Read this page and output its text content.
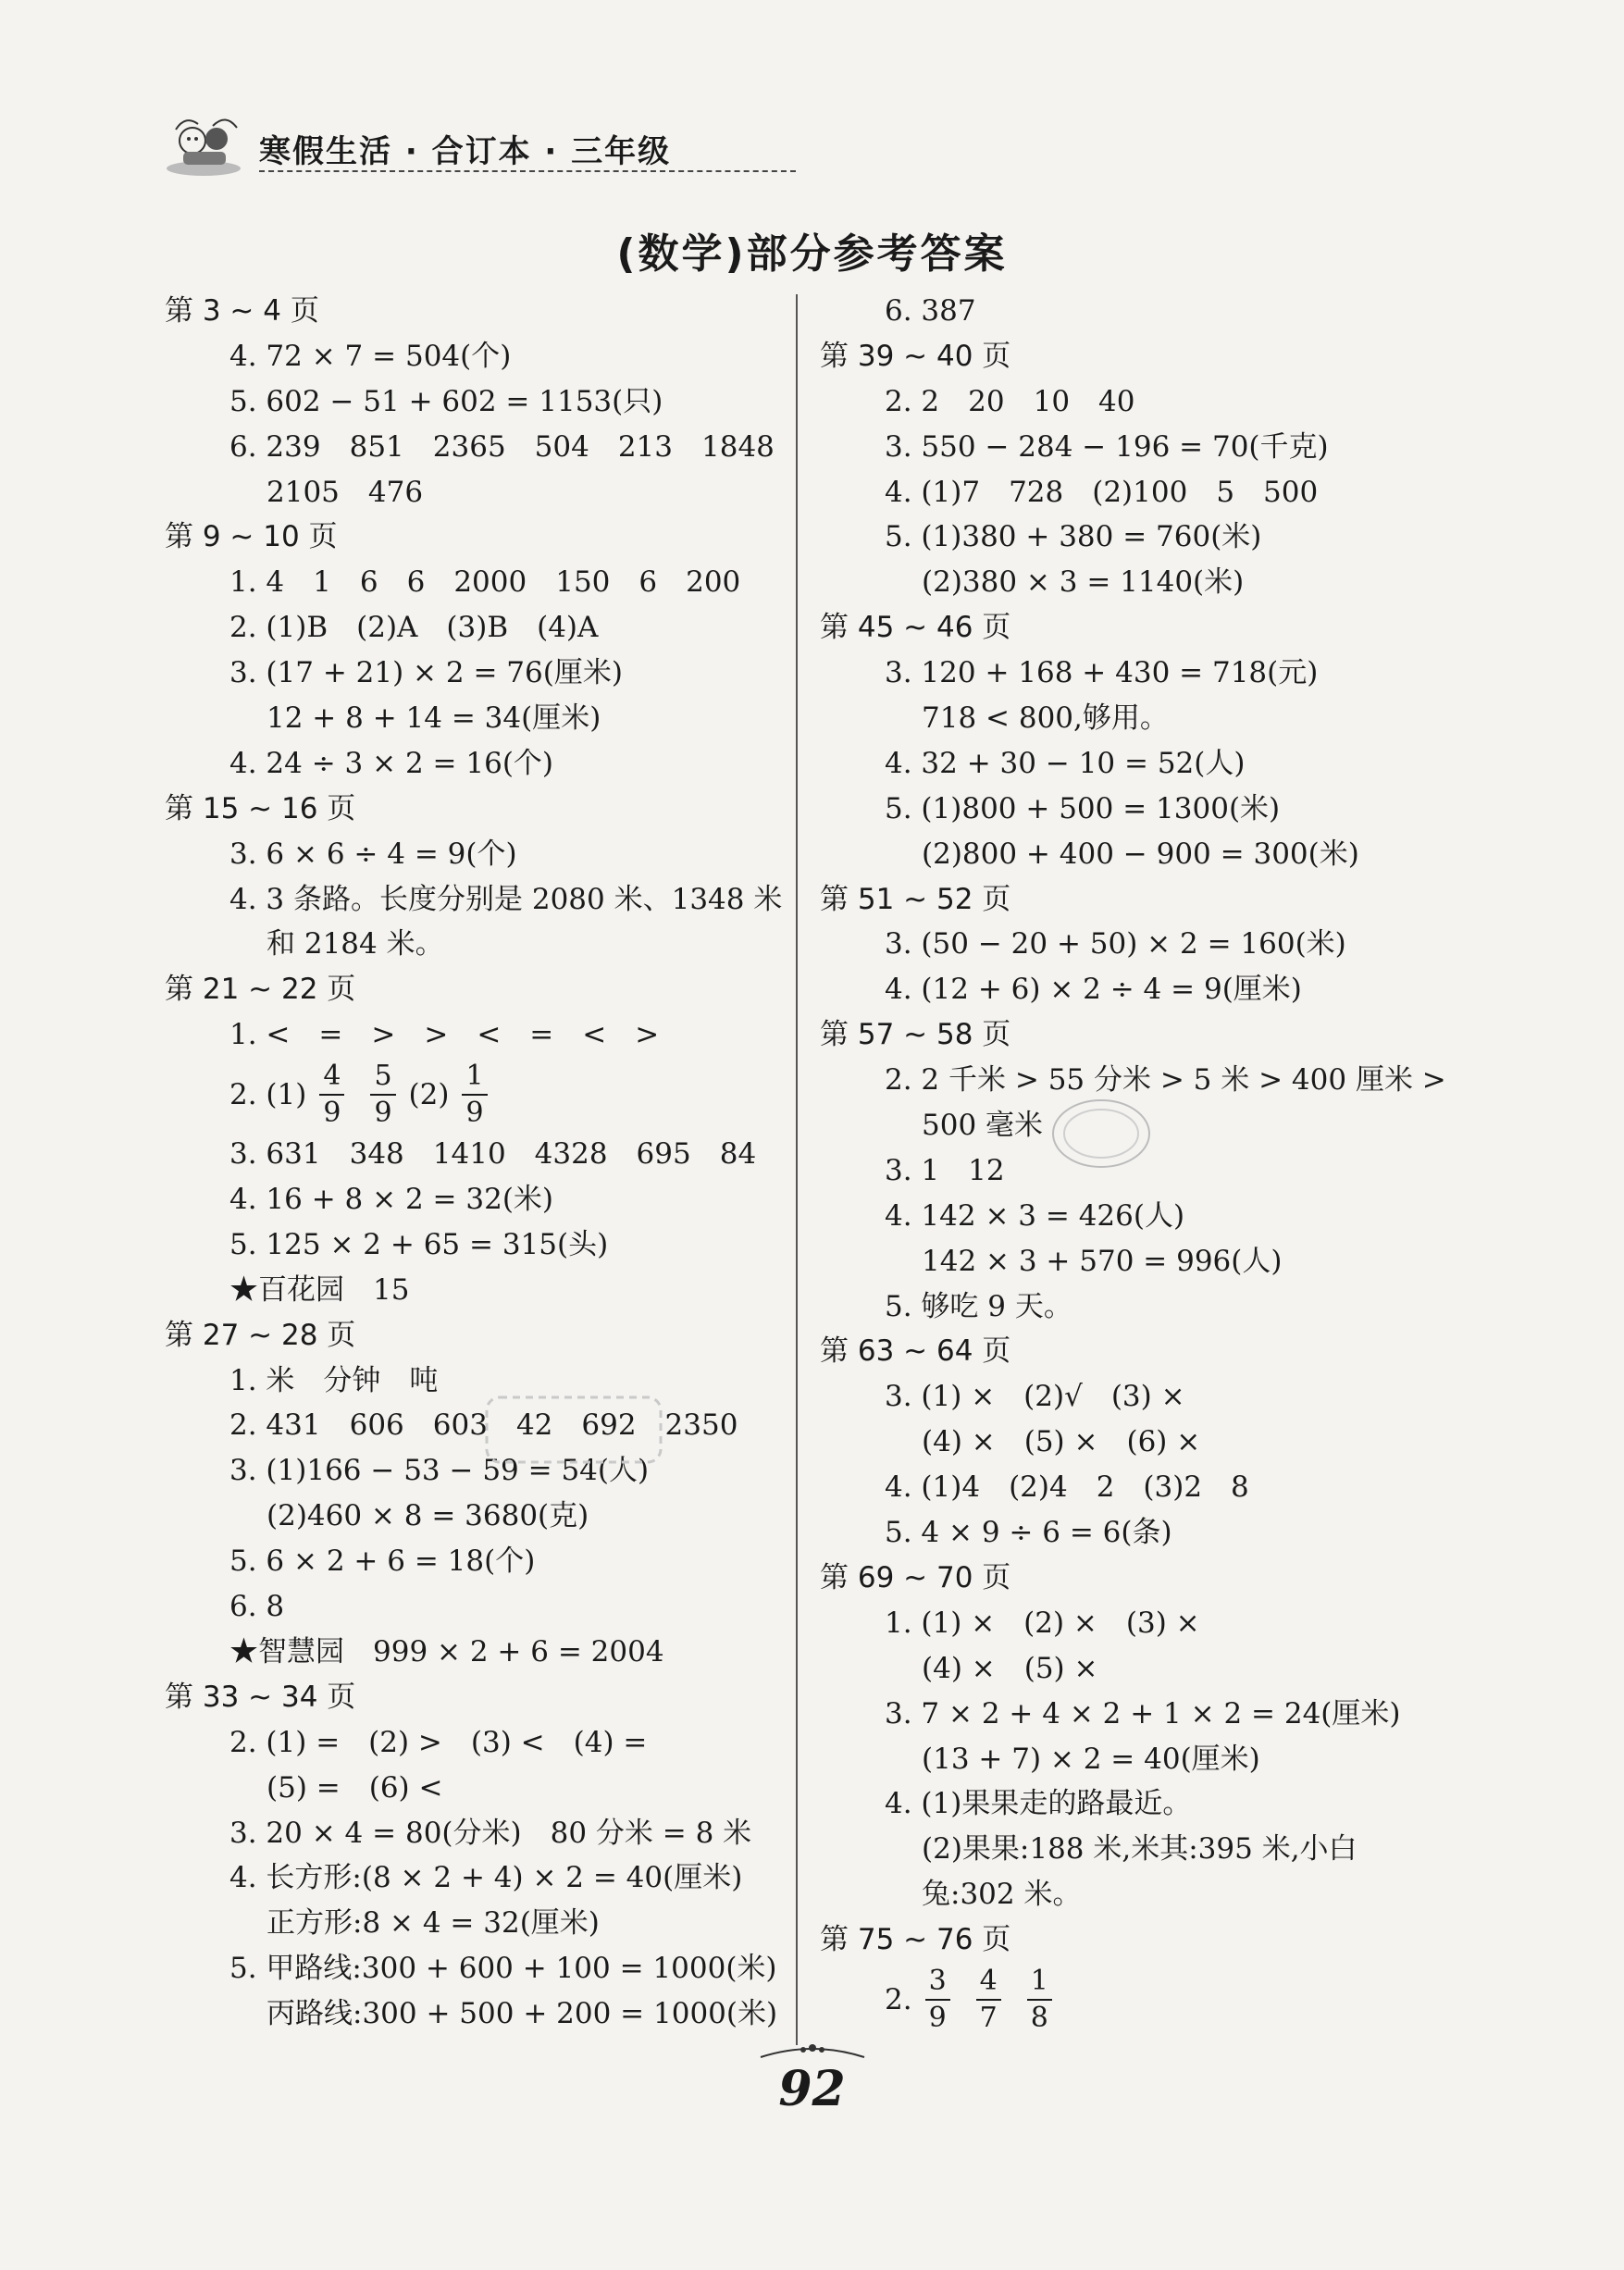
寒假生活 · 合订本 · 三年级
(数学)部分参考答案
第 3 ~ 4 页
4. 72 × 7 = 504(个)
5. 602 − 51 + 602 = 1153(只)
6. 239　851　2365　504　213　1848
2105　476
第 9 ~ 10 页
1. 4　1　6　6　2000　150　6　200
2. (1)B　(2)A　(3)B　(4)A
3. (17 + 21) × 2 = 76(厘米)
12 + 8 + 14 = 34(厘米)
4. 24 ÷ 3 × 2 = 16(个)
第 15 ~ 16 页
3. 6 × 6 ÷ 4 = 9(个)
4. 3 条路。长度分别是 2080 米、1348 米
和 2184 米。
第 21 ~ 22 页
1. <　=　>　>　<　=　<　>
2. $(1) \frac{4}{9} \frac{5}{9} (2) \frac{1}{9}$
3. 631　348　1410　4328　695　84
4. 16 + 8 × 2 = 32(米)
5. 125 × 2 + 65 = 315(头)
★百花园　15
第 27 ~ 28 页
1. 米　分钟　吨
2. 431　606　603　42　692　2350
3. (1)166 − 53 − 59 = 54(人)
(2)460 × 8 = 3680(克)
5. 6 × 2 + 6 = 18(个)
6. 8
★智慧园　999 × 2 + 6 = 2004
第 33 ~ 34 页
2. (1) =　(2) >　(3) <　(4) =
(5) =　(6) <
3. 20 × 4 = 80(分米)　80 分米 = 8 米
4. 长方形:(8 × 2 + 4) × 2 = 40(厘米)
正方形:8 × 4 = 32(厘米)
5. 甲路线:300 + 600 + 100 = 1000(米)
丙路线:300 + 500 + 200 = 1000(米)
6. 387
第 39 ~ 40 页
2. 2　20　10　40
3. 550 − 284 − 196 = 70(千克)
4. (1)7　728　(2)100　5　500
5. (1)380 + 380 = 760(米)
(2)380 × 3 = 1140(米)
第 45 ~ 46 页
3. 120 + 168 + 430 = 718(元)
718 < 800,够用。
4. 32 + 30 − 10 = 52(人)
5. (1)800 + 500 = 1300(米)
(2)800 + 400 − 900 = 300(米)
第 51 ~ 52 页
3. (50 − 20 + 50) × 2 = 160(米)
4. (12 + 6) × 2 ÷ 4 = 9(厘米)
第 57 ~ 58 页
2. 2 千米 > 55 分米 > 5 米 > 400 厘米 >
500 毫米
3. 1　12
4. 142 × 3 = 426(人)
142 × 3 + 570 = 996(人)
5. 够吃 9 天。
第 63 ~ 64 页
3. (1) ×　(2)√　(3) ×
(4) ×　(5) ×　(6) ×
4. (1)4　(2)4　2　(3)2　8
5. 4 × 9 ÷ 6 = 6(条)
第 69 ~ 70 页
1. (1) ×　(2) ×　(3) ×
(4) ×　(5) ×
3. 7 × 2 + 4 × 2 + 1 × 2 = 24(厘米)
(13 + 7) × 2 = 40(厘米)
4. (1)果果走的路最近。
(2)果果:188 米,米其:395 米,小白
兔:302 米。
第 75 ~ 76 页
2. $\frac{3}{9} \frac{4}{7} \frac{1}{8}$
92
